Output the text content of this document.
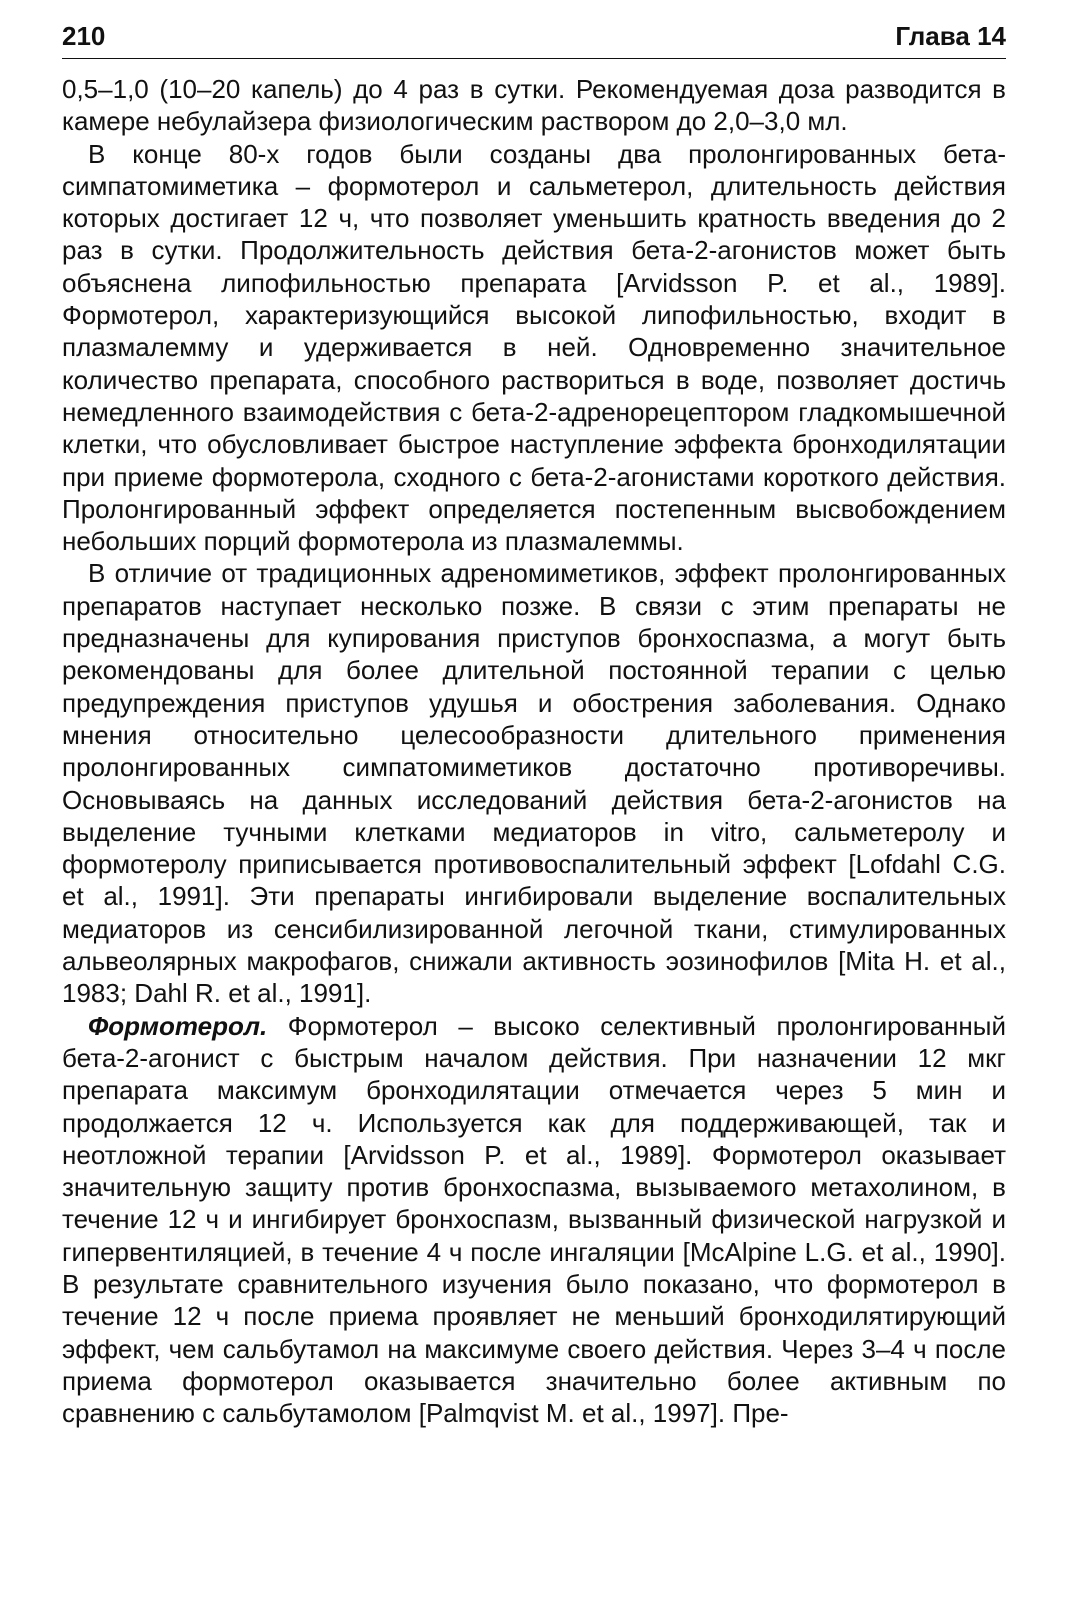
210	Глава 14

0,5–1,0 (10–20 капель) до 4 раз в сутки. Рекомендуемая доза разводится в камере небулайзера физиологическим раствором до 2,0–3,0 мл.

В конце 80-х годов были созданы два пролонгированных бета-симпатомиметика – формотерол и сальметерол, длительность действия которых достигает 12 ч, что позволяет уменьшить кратность введения до 2 раз в сутки. Продолжительность действия бета-2-агонистов может быть объяснена липофильностью препарата [Arvidsson P. et al., 1989]. Формотерол, характеризующийся высокой липофильностью, входит в плазмалемму и удерживается в ней. Одновременно значительное количество препарата, способного раствориться в воде, позволяет достичь немедленного взаимодействия с бета-2-адренорецептором гладкомышечной клетки, что обусловливает быстрое наступление эффекта бронходилятации при приеме формотерола, сходного с бета-2-агонистами короткого действия. Пролонгированный эффект определяется постепенным высвобождением небольших порций формотерола из плазмалеммы.

В отличие от традиционных адреномиметиков, эффект пролонгированных препаратов наступает несколько позже. В связи с этим препараты не предназначены для купирования приступов бронхоспазма, а могут быть рекомендованы для более длительной постоянной терапии с целью предупреждения приступов удушья и обострения заболевания. Однако мнения относительно целесообразности длительного применения пролонгированных симпатомиметиков достаточно противоречивы. Основываясь на данных исследований действия бета-2-агонистов на выделение тучными клетками медиаторов in vitro, сальметеролу и формотеролу приписывается противовоспалительный эффект [Lofdahl C.G. et al., 1991]. Эти препараты ингибировали выделение воспалительных медиаторов из сенсибилизированной легочной ткани, стимулированных альвеолярных макрофагов, снижали активность эозинофилов [Mita H. et al., 1983; Dahl R. et al., 1991].

Формотерол. Формотерол – высоко селективный пролонгированный бета-2-агонист с быстрым началом действия. При назначении 12 мкг препарата максимум бронходилятации отмечается через 5 мин и продолжается 12 ч. Используется как для поддерживающей, так и неотложной терапии [Arvidsson P. et al., 1989]. Формотерол оказывает значительную защиту против бронхоспазма, вызываемого метахолином, в течение 12 ч и ингибирует бронхоспазм, вызванный физической нагрузкой и гипервентиляцией, в течение 4 ч после ингаляции [McAlpine L.G. et al., 1990]. В результате сравнительного изучения было показано, что формотерол в течение 12 ч после приема проявляет не меньший бронходилятирующий эффект, чем сальбутамол на максимуме своего действия. Через 3–4 ч после приема формотерол оказывается значительно более активным по сравнению с сальбутамолом [Palmqvist M. et al., 1997]. Пре-
